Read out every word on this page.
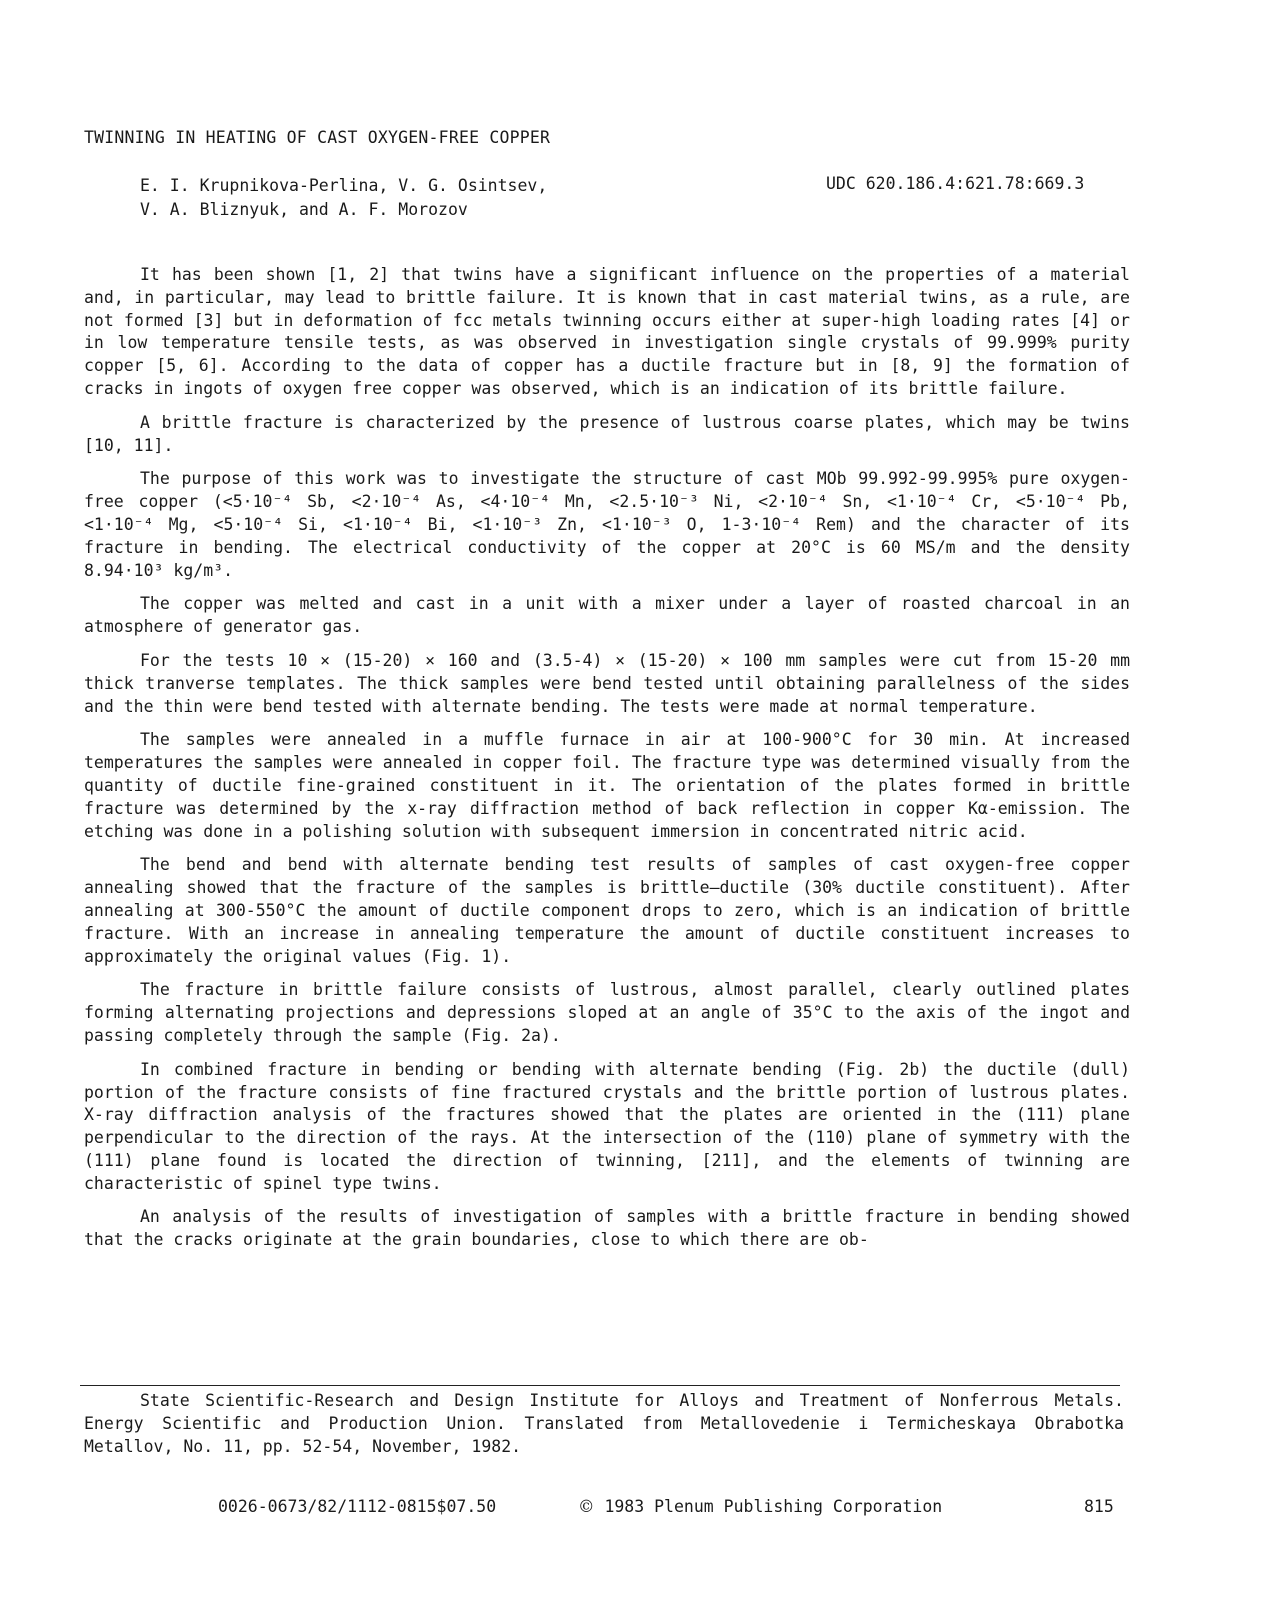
TWINNING IN HEATING OF CAST OXYGEN-FREE COPPER
E. I. Krupnikova-Perlina, V. G. Osintsev,
V. A. Bliznyuk, and A. F. Morozov
UDC 620.186.4:621.78:669.3

It has been shown [1, 2] that twins have a significant influence on the properties of a material and, in particular, may lead to brittle failure. It is known that in cast material twins, as a rule, are not formed [3] but in deformation of fcc metals twinning occurs either at super-high loading rates [4] or in low temperature tensile tests, as was observed in investigation single crystals of 99.999% purity copper [5, 6]. According to the data of copper has a ductile fracture but in [8, 9] the formation of cracks in ingots of oxygen free copper was observed, which is an indication of its brittle failure.

A brittle fracture is characterized by the presence of lustrous coarse plates, which may be twins [10, 11].

The purpose of this work was to investigate the structure of cast MOb 99.992-99.995% pure oxygen-free copper (<5·10⁻⁴ Sb, <2·10⁻⁴ As, <4·10⁻⁴ Mn, <2.5·10⁻³ Ni, <2·10⁻⁴ Sn, <1·10⁻⁴ Cr, <5·10⁻⁴ Pb, <1·10⁻⁴ Mg, <5·10⁻⁴ Si, <1·10⁻⁴ Bi, <1·10⁻³ Zn, <1·10⁻³ O, 1-3·10⁻⁴ Rem) and the character of its fracture in bending. The electrical conductivity of the copper at 20°C is 60 MS/m and the density 8.94·10³ kg/m³.

The copper was melted and cast in a unit with a mixer under a layer of roasted charcoal in an atmosphere of generator gas.

For the tests 10 × (15-20) × 160 and (3.5-4) × (15-20) × 100 mm samples were cut from 15-20 mm thick tranverse templates. The thick samples were bend tested until obtaining parallelness of the sides and the thin were bend tested with alternate bending. The tests were made at normal temperature.

The samples were annealed in a muffle furnace in air at 100-900°C for 30 min. At increased temperatures the samples were annealed in copper foil. The fracture type was determined visually from the quantity of ductile fine-grained constituent in it. The orientation of the plates formed in brittle fracture was determined by the x-ray diffraction method of back reflection in copper Kα-emission. The etching was done in a polishing solution with subsequent immersion in concentrated nitric acid.

The bend and bend with alternate bending test results of samples of cast oxygen-free copper annealing showed that the fracture of the samples is brittle–ductile (30% ductile constituent). After annealing at 300-550°C the amount of ductile component drops to zero, which is an indication of brittle fracture. With an increase in annealing temperature the amount of ductile constituent increases to approximately the original values (Fig. 1).

The fracture in brittle failure consists of lustrous, almost parallel, clearly outlined plates forming alternating projections and depressions sloped at an angle of 35°C to the axis of the ingot and passing completely through the sample (Fig. 2a).

In combined fracture in bending or bending with alternate bending (Fig. 2b) the ductile (dull) portion of the fracture consists of fine fractured crystals and the brittle portion of lustrous plates. X-ray diffraction analysis of the fractures showed that the plates are oriented in the (111) plane perpendicular to the direction of the rays. At the intersection of the (110) plane of symmetry with the (111) plane found is located the direction of twinning, [211], and the elements of twinning are characteristic of spinel type twins.

An analysis of the results of investigation of samples with a brittle fracture in bending showed that the cracks originate at the grain boundaries, close to which there are ob-

State Scientific-Research and Design Institute for Alloys and Treatment of Nonferrous Metals. Energy Scientific and Production Union. Translated from Metallovedenie i Termicheskaya Obrabotka Metallov, No. 11, pp. 52-54, November, 1982.
0026-0673/82/1112-0815$07.50	© 1983 Plenum Publishing Corporation	815
